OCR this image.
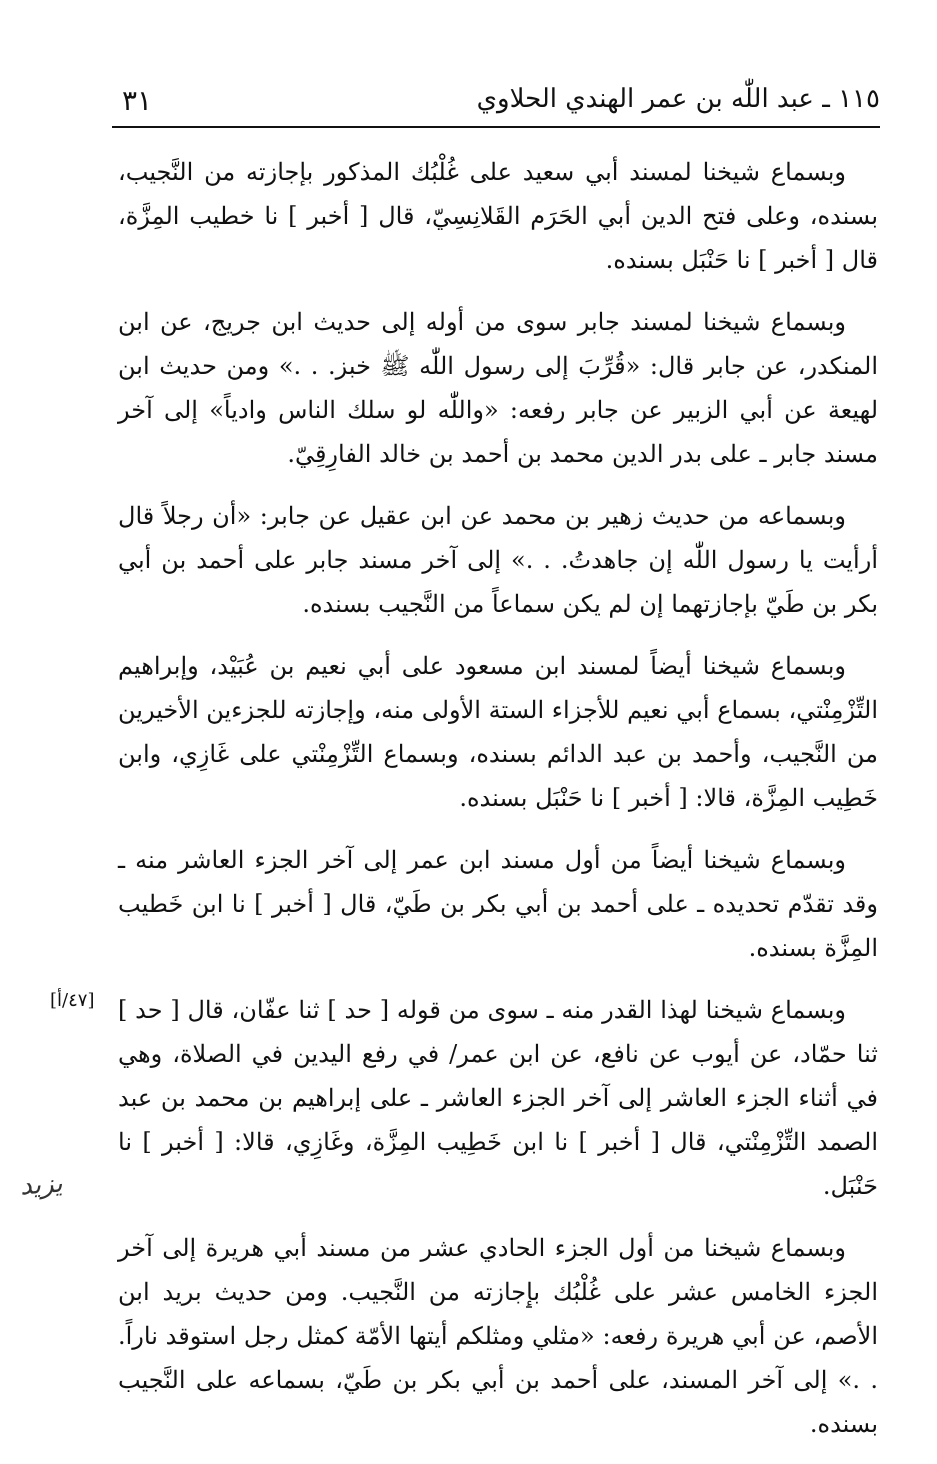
٣١	١١٥ ـ عبد اللّٰه بن عمر الهندي الحلاوي

وبسماع شيخنا لمسند أبي سعيد على غُلْبُك المذكور بإجازته من النَّجيب، بسنده، وعلى فتح الدين أبي الحَرَم القَلانِسِيّ، قال [ أخبر ] نا خطيب المِزَّة، قال [ أخبر ] نا حَنْبَل بسنده.

وبسماع شيخنا لمسند جابر سوى من أوله إلى حديث ابن جريج، عن ابن المنكدر، عن جابر قال: «قُرِّبَ إلى رسول اللّٰه ﷺ خبز. . .» ومن حديث ابن لهيعة عن أبي الزبير عن جابر رفعه: «واللّٰه لو سلك الناس وادياً» إلى آخر مسند جابر ـ على بدر الدين محمد بن أحمد بن خالد الفارِقِيّ.

وبسماعه من حديث زهير بن محمد عن ابن عقيل عن جابر: «أن رجلاً قال أرأيت يا رسول اللّٰه إن جاهدتُ. . .» إلى آخر مسند جابر على أحمد بن أبي بكر بن طَيّ بإجازتهما إن لم يكن سماعاً من النَّجيب بسنده.

وبسماع شيخنا أيضاً لمسند ابن مسعود على أبي نعيم بن عُبَيْد، وإبراهيم التِّزْمِنْتي، بسماع أبي نعيم للأجزاء الستة الأولى منه، وإجازته للجزءين الأخيرين من النَّجيب، وأحمد بن عبد الدائم بسنده، وبسماع التِّزْمِنْتي على غَازِي، وابن خَطِيب المِزَّة، قالا: [ أخبر ] نا حَنْبَل بسنده.

وبسماع شيخنا أيضاً من أول مسند ابن عمر إلى آخر الجزء العاشر منه ـ وقد تقدّم تحديده ـ على أحمد بن أبي بكر بن طَيّ، قال [ أخبر ] نا ابن خَطيب المِزَّة بسنده.

وبسماع شيخنا لهذا القدر منه ـ سوى من قوله [ حد ] ثنا عفّان، قال [ حد ] ثنا حمّاد، عن أيوب عن نافع، عن ابن عمر/ في رفع اليدين في الصلاة، وهي في أثناء الجزء العاشر إلى آخر الجزء العاشر ـ على إبراهيم بن محمد بن عبد الصمد التِّزْمِنْتي، قال [ أخبر ] نا ابن خَطِيب المِزَّة، وغَازِي، قالا: [ أخبر ] نا حَنْبَل.

وبسماع شيخنا من أول الجزء الحادي عشر من مسند أبي هريرة إلى آخر الجزء الخامس عشر على غُلْبُك بإجازته من النَّجيب. ومن حديث بريد ابن الأصم، عن أبي هريرة رفعه: «مثلي ومثلكم أيتها الأمّة كمثل رجل استوقد ناراً. . .» إلى آخر المسند، على أحمد بن أبي بكر بن طَيّ، بسماعه على النَّجيب بسنده.

[٤٧/أ]
يزيد
